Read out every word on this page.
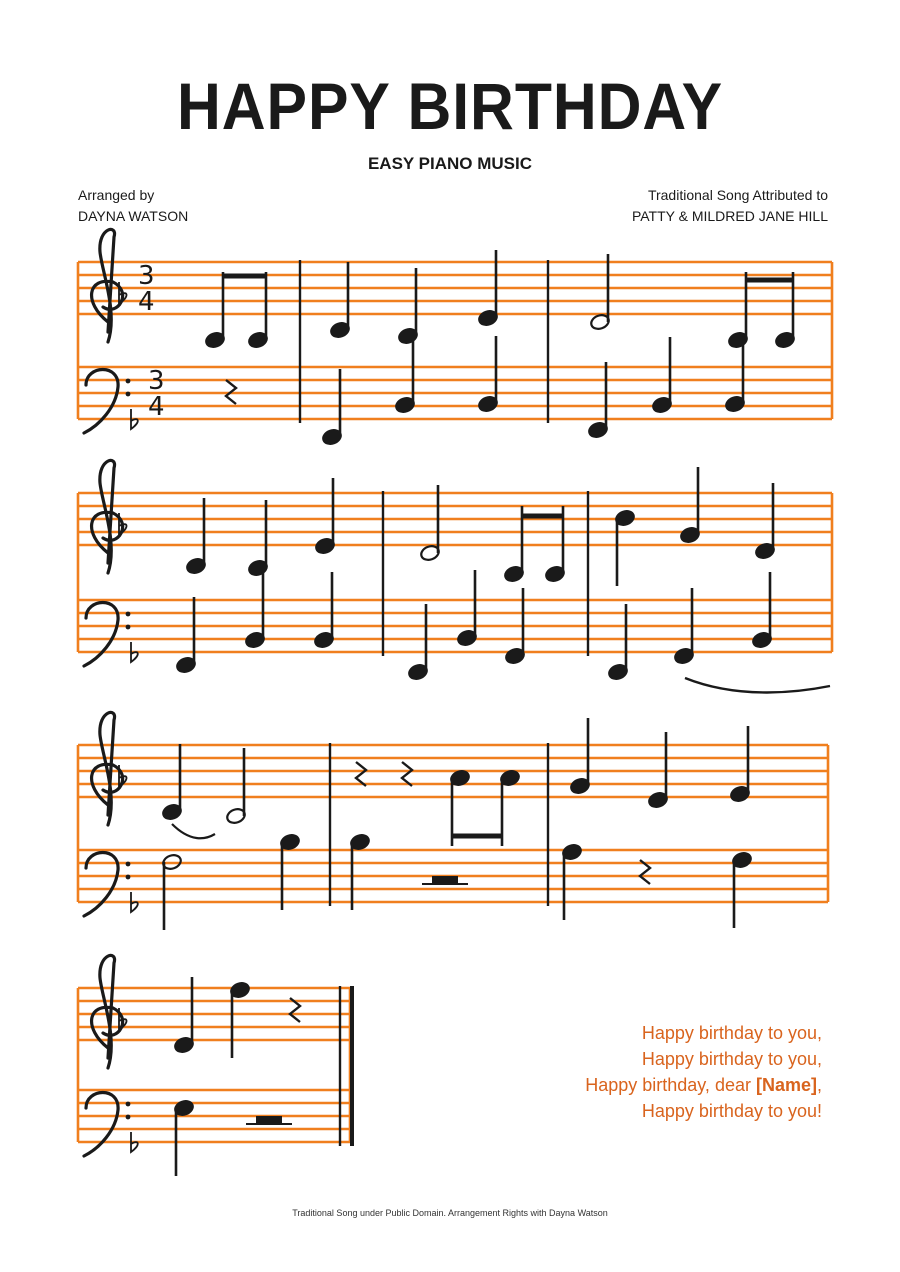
HAPPY BIRTHDAY
EASY PIANO MUSIC
Arranged by
DAYNA WATSON
Traditional Song Attributed to
PATTY & MILDRED JANE HILL
3
3
4
4
Happy birthday to you,
Happy birthday to you,
Happy birthday, dear [Name],
Happy birthday to you!
Traditional Song under Public Domain. Arrangement Rights with Dayna Watson
